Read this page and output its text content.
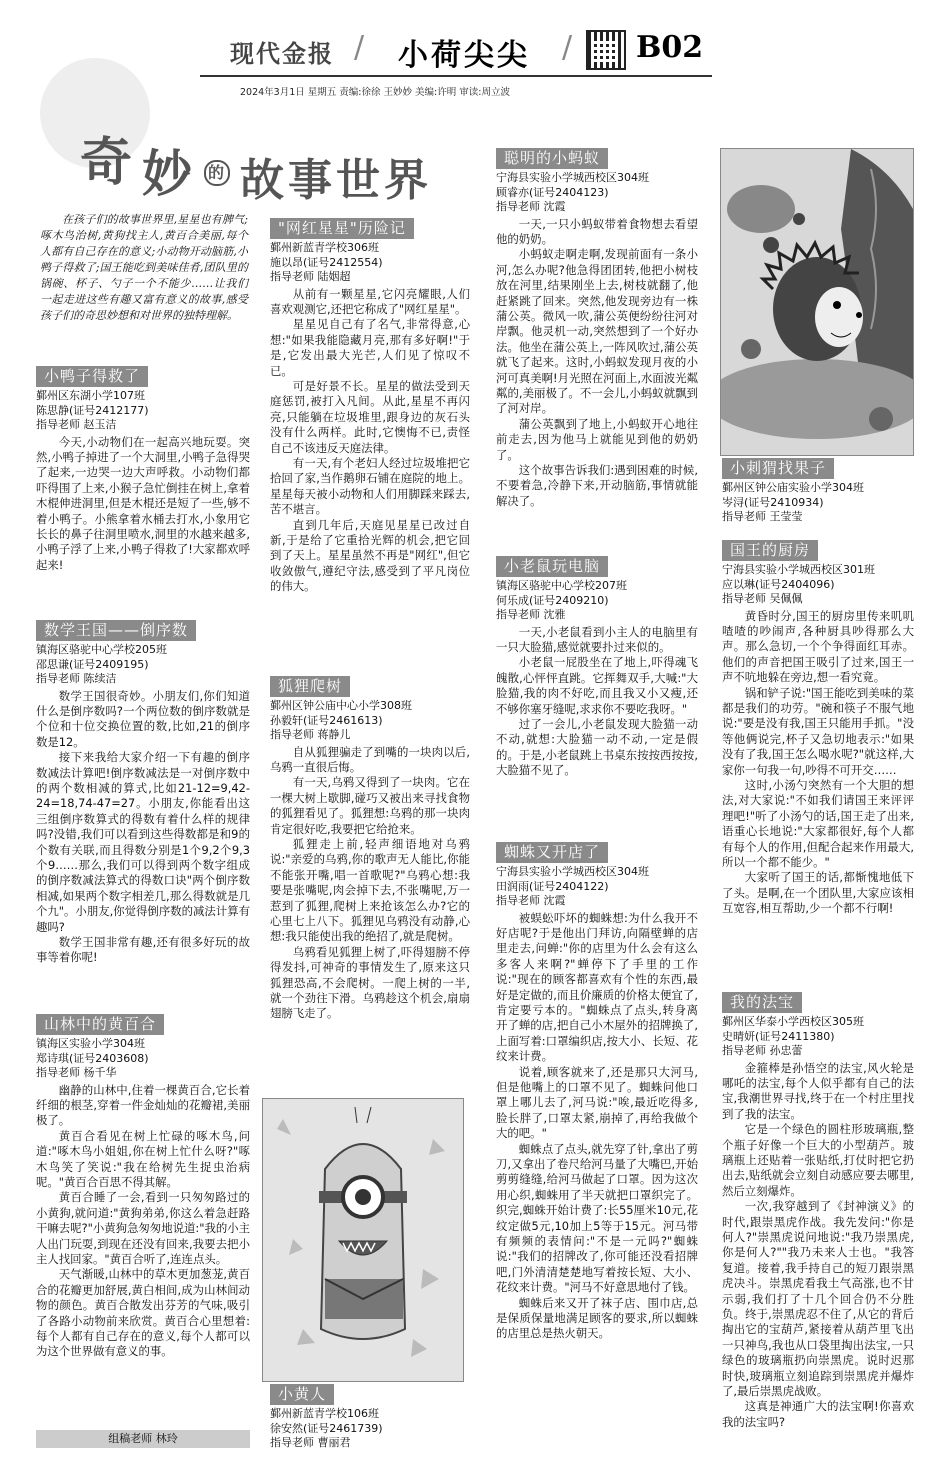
现代金报 / 小荷尖尖 / B02
2024年3月1日 星期五 责编:徐徐 王妙妙 美编:许明 审读:周立波
奇 妙 的 故 事 世 界

在孩子们的故事世界里,星星也有脾气;啄木鸟治树,黄狗找主人,黄百合美丽,每个人都有自己存在的意义;小动物开动脑筋,小鸭子得救了;国王能吃到美味佳肴,团队里的锅碗、杯子、勺子一个不能少……让我们一起走进这些有趣又富有意义的故事,感受孩子们的奇思妙想和对世界的独特理解。

小鸭子得救了
鄞州区东湖小学107班
陈思静(证号2412177)
指导老师 赵玉洁

今天,小动物们在一起高兴地玩耍。突然,小鸭子掉进了一个大洞里,小鸭子急得哭了起来,一边哭一边大声呼救。小动物们都吓得围了上来,小猴子急忙倒挂在树上,拿着木棍伸进洞里,但是木棍还是短了一些,够不着小鸭子。小熊拿着水桶去打水,小象用它长长的鼻子往洞里喷水,洞里的水越来越多,小鸭子浮了上来,小鸭子得救了!大家都欢呼起来!

数学王国——倒序数
镇海区骆驼中心学校205班
邵思谦(证号2409195)
指导老师 陈续洁

数学王国很奇妙。小朋友们,你们知道什么是倒序数吗?一个两位数的倒序数就是个位和十位交换位置的数,比如,21的倒序数是12。

接下来我给大家介绍一下有趣的倒序数减法计算吧!倒序数减法是一对倒序数中的两个数相减的算式,比如21-12=9,42-24=18,74-47=27。小朋友,你能看出这三组倒序数算式的得数有着什么样的规律吗?没错,我们可以看到这些得数都是和9的个数有关联,而且得数分别是1个9,2个9,3个9……那么,我们可以得到两个数字组成的倒序数减法算式的得数口诀"两个倒序数相减,如果两个数字相差几,那么得数就是几个九"。小朋友,你觉得倒序数的减法计算有趣吗?

数学王国非常有趣,还有很多好玩的故事等着你呢!

山林中的黄百合
镇海区实验小学304班
郑诗琪(证号2403608)
指导老师 杨千华

幽静的山林中,住着一棵黄百合,它长着纤细的根茎,穿着一件金灿灿的花瓣裙,美丽极了。

黄百合看见在树上忙碌的啄木鸟,问道:"啄木鸟小姐姐,你在树上忙什么呀?"啄木鸟笑了笑说:"我在给树先生捉虫治病呢。"黄百合百思不得其解。

黄百合睡了一会,看到一只匆匆路过的小黄狗,就问道:"黄狗弟弟,你这么着急赶路干嘛去呢?"小黄狗急匆匆地说道:"我的小主人出门玩耍,到现在还没有回来,我要去把小主人找回家。"黄百合听了,连连点头。

天气渐暖,山林中的草木更加葱茏,黄百合的花瓣更加舒展,黄白相间,成为山林间动物的颜色。黄百合散发出芬芳的气味,吸引了各路小动物前来欣赏。黄百合心里想着:每个人都有自己存在的意义,每个人都可以为这个世界做有意义的事。

组稿老师 林玲
"网红星星"历险记
鄞州新蓝青学校306班
施以昂(证号2412554)
指导老师 陆姻超

从前有一颗星星,它闪亮耀眼,人们喜欢观测它,还把它称成了"网红星星"。

星星见自己有了名气,非常得意,心想:"如果我能隐藏月亮,那有多好啊!"于是,它发出最大光芒,人们见了惊叹不已。

可是好景不长。星星的做法受到天庭惩罚,被打入凡间。从此,星星不再闪亮,只能躺在垃圾堆里,跟身边的灰石头没有什么两样。此时,它懊悔不已,责怪自己不该违反天庭法律。

有一天,有个老妇人经过垃圾堆把它拾回了家,当作鹅卵石铺在庭院的地上。星星每天被小动物和人们用脚踩来踩去,苦不堪言。

直到几年后,天庭见星星已改过自新,于是给了它重拾光辉的机会,把它回到了天上。星星虽然不再是"网红",但它收敛傲气,遵纪守法,感受到了平凡岗位的伟大。

狐狸爬树
鄞州区钟公庙中心小学308班
孙毅轩(证号2461613)
指导老师 蒋静儿

自从狐狸骗走了到嘴的一块肉以后,乌鸦一直很后悔。

有一天,乌鸦又得到了一块肉。它在一棵大树上歇脚,碰巧又被出来寻找食物的狐狸看见了。狐狸想:乌鸦的那一块肉肯定很好吃,我要把它给抢来。

狐狸走上前,轻声细语地对乌鸦说:"亲爱的乌鸦,你的歌声无人能比,你能不能张开嘴,唱一首歌呢?"乌鸦心想:我要是张嘴呢,肉会掉下去,不张嘴呢,万一惹到了狐狸,爬树上来抢该怎么办?它的心里七上八下。狐狸见乌鸦没有动静,心想:我只能使出我的绝招了,就是爬树。

乌鸦看见狐狸上树了,吓得翅膀不停得发抖,可神奇的事情发生了,原来这只狐狸恐高,不会爬树。一爬上树的一半,就一个劲往下滑。乌鸦趁这个机会,扇扇翅膀飞走了。

小黄人
鄞州新蓝青学校106班
徐安然(证号2461739)
指导老师 曹丽君
聪明的小蚂蚁
宁海县实验小学城西校区304班
顾睿亦(证号2404123)
指导老师 沈霞

一天,一只小蚂蚁带着食物想去看望他的奶奶。

小蚂蚁走啊走啊,发现前面有一条小河,怎么办呢?他急得团团转,他把小树枝放在河里,结果刚坐上去,树枝就翻了,他赶紧跳了回来。突然,他发现旁边有一株蒲公英。微风一吹,蒲公英便纷纷往河对岸飘。他灵机一动,突然想到了一个好办法。他坐在蒲公英上,一阵风吹过,蒲公英就飞了起来。这时,小蚂蚁发现月夜的小河可真美啊!月光照在河面上,水面波光粼粼的,美丽极了。不一会儿,小蚂蚁就飘到了河对岸。

蒲公英飘到了地上,小蚂蚁开心地往前走去,因为他马上就能见到他的奶奶了。

这个故事告诉我们:遇到困难的时候,不要着急,冷静下来,开动脑筋,事情就能解决了。

小老鼠玩电脑
镇海区骆驼中心学校207班
何乐成(证号2409210)
指导老师 沈雅

一天,小老鼠看到小主人的电脑里有一只大脸猫,感觉就要扑过来似的。

小老鼠一屁股坐在了地上,吓得魂飞魄散,心怦怦直跳。它挥舞双手,大喊:"大脸猫,我的肉不好吃,而且我又小又瘦,还不够你塞牙缝呢,求求你不要吃我呀。"

过了一会儿,小老鼠发现大脸猫一动不动,就想:大脸猫一动不动,一定是假的。于是,小老鼠跳上书桌东按按西按按,大脸猫不见了。

蜘蛛又开店了
宁海县实验小学城西校区304班
田润雨(证号2404122)
指导老师 沈霞

被蜈蚣吓坏的蜘蛛想:为什么我开不好店呢?于是他出门拜访,向隔壁蝉的店里走去,问蝉:"你的店里为什么会有这么多客人来啊?"蝉停下了手里的工作说:"现在的顾客都喜欢有个性的东西,最好是定做的,而且价廉质的价格太便宜了,肯定要亏本的。"蜘蛛点了点头,转身离开了蝉的店,把自己小木屋外的招牌换了,上面写着:口罩编织店,按大小、长短、花纹来计费。

说着,顾客就来了,还是那只大河马,但是他嘴上的口罩不见了。蜘蛛问他口罩上哪儿去了,河马说:"唉,最近吃得多,脸长胖了,口罩太紧,崩掉了,再给我做个大的吧。"

蜘蛛点了点头,就先穿了针,拿出了剪刀,又拿出了卷尺给河马量了大嘴巴,开始剪剪缝缝,给河马做起了口罩。因为这次用心织,蜘蛛用了半天就把口罩织完了。织完,蜘蛛开始计费了:长55厘米10元,花纹定做5元,10加上5等于15元。河马带有频频的表情问:"不是一元吗?"蜘蛛说:"我们的招牌改了,你可能还没看招牌吧,门外清清楚楚地写着按长短、大小、花纹来计费。"河马不好意思地付了钱。

蜘蛛后来又开了袜子店、围巾店,总是保质保量地满足顾客的要求,所以蜘蛛的店里总是热火朝天。

小刺猬找果子
鄞州区钟公庙实验小学304班
岑浔(证号2410934)
指导老师 王莹莹
国王的厨房
宁海县实验小学城西校区301班
应以琳(证号2404096)
指导老师 吴佩佩

黄昏时分,国王的厨房里传来叽叽喳喳的吵闹声,各种厨具吵得那么大声。那么急切,一个个争得面红耳赤。他们的声音把国王吸引了过来,国王一声不吭地躲在旁边,想一看究竟。

锅和铲子说:"国王能吃到美味的菜都是我们的功劳。"碗和筷子不服气地说:"要是没有我,国王只能用手抓。"没等他俩说完,杯子又急切地表示:"如果没有了我,国王怎么喝水呢?"就这样,大家你一句我一句,吵得不可开交……

这时,小汤勺突然有一个大胆的想法,对大家说:"不如我们请国王来评评理吧!"听了小汤勺的话,国王走了出来,语重心长地说:"大家都很好,每个人都有每个人的作用,但配合起来作用最大,所以一个都不能少。"

大家听了国王的话,都惭愧地低下了头。是啊,在一个团队里,大家应该相互宽容,相互帮助,少一个都不行啊!

我的法宝
鄞州区华泰小学西校区305班
史晴妍(证号2411380)
指导老师 孙忠蕾

金箍棒是孙悟空的法宝,风火轮是哪吒的法宝,每个人似乎都有自己的法宝,我潮世界寻找,终于在一个村庄里找到了我的法宝。

它是一个绿色的圆柱形玻璃瓶,整个瓶子好像一个巨大的小型葫芦。玻璃瓶上还贴着一张贴纸,打仗时把它扔出去,贴纸就会立刻自动感应要去哪里,然后立刻爆炸。

一次,我穿越到了《封神演义》的时代,跟崇黑虎作战。我先发问:"你是何人?"崇黑虎说问地说:"我乃崇黑虎,你是何人?""我乃未来人士也。"我答复道。接着,我手持自己的短刀跟崇黑虎决斗。崇黑虎看我土气高涨,也不甘示弱,我们打了十几个回合仍不分胜负。终于,崇黑虎忍不住了,从它的背后掏出它的宝葫芦,紧接着从葫芦里飞出一只神鸟,我也从口袋里掏出法宝,一只绿色的玻璃瓶扔向崇黑虎。说时迟那时快,玻璃瓶立刻追踪到崇黑虎并爆炸了,最后崇黑虎战败。

这真是神通广大的法宝啊!你喜欢我的法宝吗?
